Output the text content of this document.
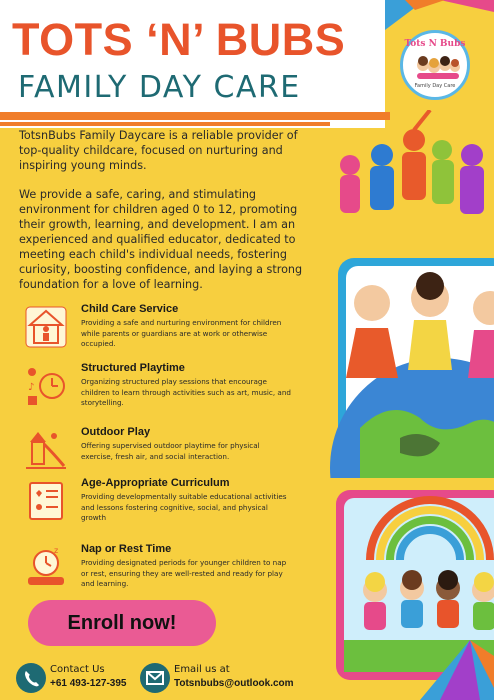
TOTS ‘N’ BUBS
FAMILY DAY CARE
Tots N Bubs
Family Day Care

TotsnBubs Family Daycare is a reliable provider of top-quality childcare, focused on nurturing and inspiring young minds.

We provide a safe, caring, and stimulating environment for children aged 0 to 12, promoting their growth, learning, and development. I am an experienced and qualified educator, dedicated to meeting each child's individual needs, fostering curiosity, boosting confidence, and laying a strong foundation for a love of learning.

Child Care Service
Providing a safe and nurturing environment for children while parents or guardians are at work or otherwise occupied.
♪
Structured Playtime
Organizing structured play sessions that encourage children to learn through activities such as art, music, and storytelling.
Outdoor Play
Offering supervised outdoor playtime for physical exercise, fresh air, and social interaction.
Age-Appropriate Curriculum
Providing developmentally suitable educational activities and lessons fostering cognitive, social, and physical growth
z Nap or Rest Time
Providing designated periods for younger children to nap or rest, ensuring they are well-rested and ready for play and learning.
Enroll now!
Contact Us
+61 493-127-395
Email us at
Totsnbubs@outlook.com
